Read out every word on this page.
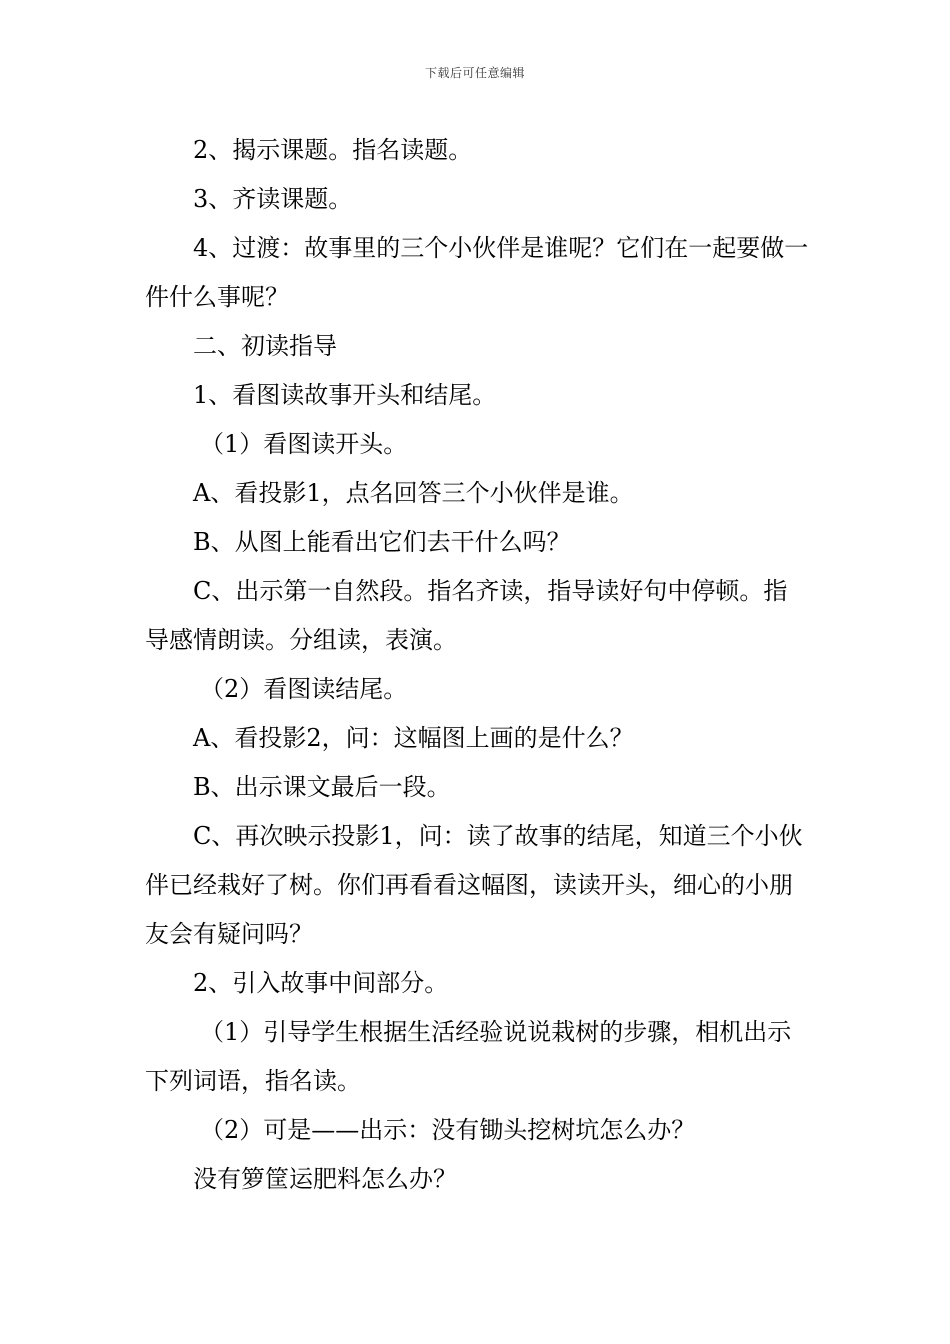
下载后可任意编辑

2、揭示课题。指名读题。

3、齐读课题。

4、过渡：故事里的三个小伙伴是谁呢？它们在一起要做一件什么事呢？

二、初读指导

1、看图读故事开头和结尾。

（1）看图读开头。

A、看投影1，点名回答三个小伙伴是谁。

B、从图上能看出它们去干什么吗？

C、出示第一自然段。指名齐读，指导读好句中停顿。指导感情朗读。分组读，表演。

（2）看图读结尾。

A、看投影2，问：这幅图上画的是什么？

B、出示课文最后一段。

C、再次映示投影1，问：读了故事的结尾，知道三个小伙伴已经栽好了树。你们再看看这幅图，读读开头，细心的小朋友会有疑问吗？

2、引入故事中间部分。

（1）引导学生根据生活经验说说栽树的步骤，相机出示下列词语，指名读。

（2）可是——出示：没有锄头挖树坑怎么办？

没有箩筐运肥料怎么办？
